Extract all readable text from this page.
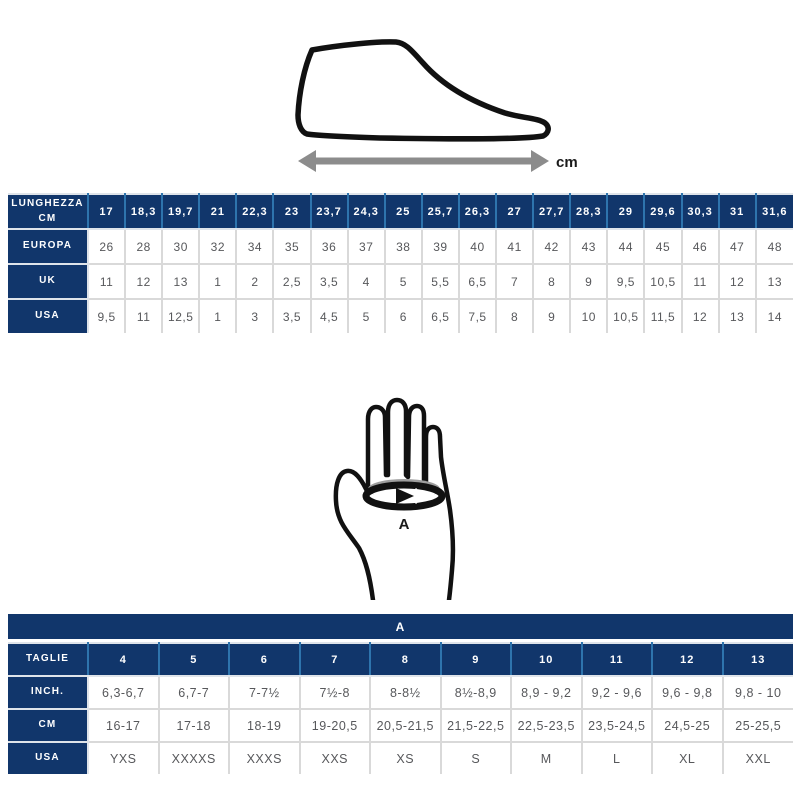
cm
LUNGHEZZA CM	17	18,3	19,7	21	22,3	23	23,7	24,3	25	25,7	26,3	27	27,7	28,3	29	29,6	30,3	31	31,6
EUROPA	26	28	30	32	34	35	36	37	38	39	40	41	42	43	44	45	46	47	48
UK	11	12	13	1	2	2,5	3,5	4	5	5,5	6,5	7	8	9	9,5	10,5	11	12	13
USA	9,5	11	12,5	1	3	3,5	4,5	5	6	6,5	7,5	8	9	10	10,5	11,5	12	13	14
A
A
TAGLIE	4	5	6	7	8	9	10	11	12	13
INCH.	6,3-6,7	6,7-7	7-7½	7½-8	8-8½	8½-8,9	8,9 - 9,2	9,2 - 9,6	9,6 - 9,8	9,8 - 10
CM	16-17	17-18	18-19	19-20,5	20,5-21,5	21,5-22,5	22,5-23,5	23,5-24,5	24,5-25	25-25,5
USA	YXS	XXXXS	XXXS	XXS	XS	S	M	L	XL	XXL
